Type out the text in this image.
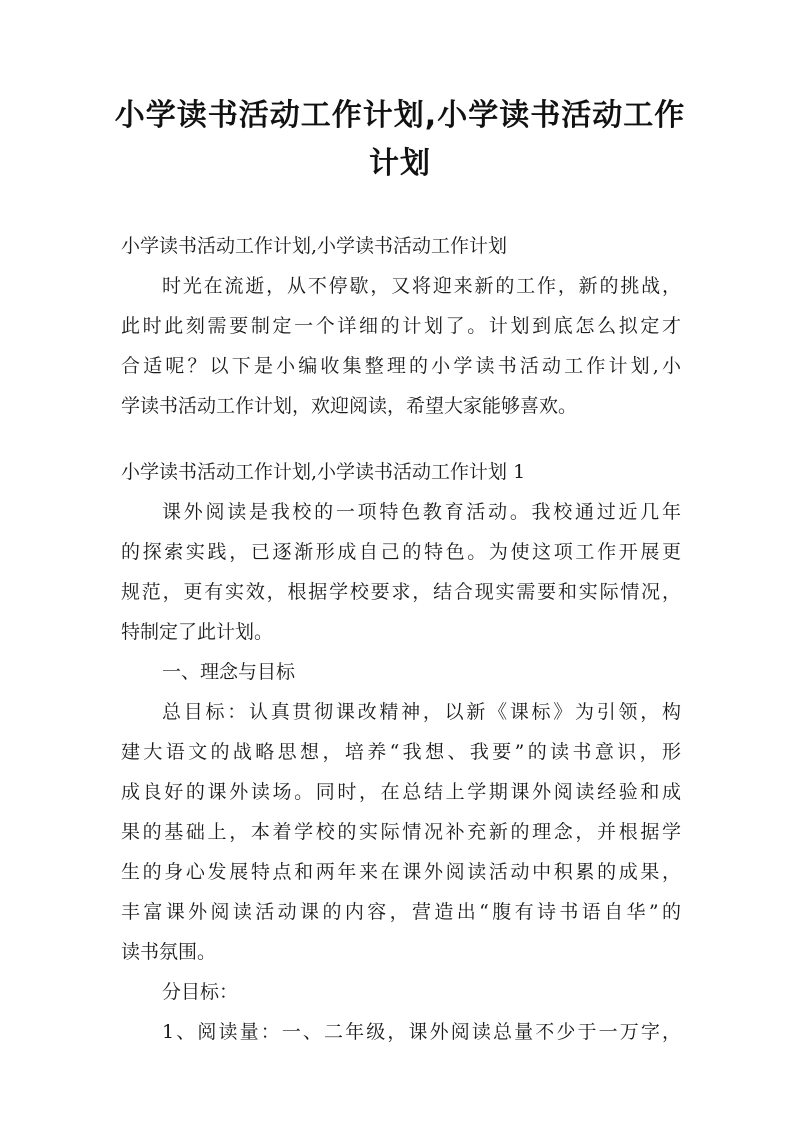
小学读书活动工作计划,小学读书活动工作
计划
小学读书活动工作计划,小学读书活动工作计划
时光在流逝，从不停歇，又将迎来新的工作，新的挑战，
此时此刻需要制定一个详细的计划了。计划到底怎么拟定才
合适呢？以下是小编收集整理的小学读书活动工作计划,小
学读书活动工作计划，欢迎阅读，希望大家能够喜欢。
小学读书活动工作计划,小学读书活动工作计划 1
课外阅读是我校的一项特色教育活动。我校通过近几年
的探索实践，已逐渐形成自己的特色。为使这项工作开展更
规范，更有实效，根据学校要求，结合现实需要和实际情况，
特制定了此计划。
一、理念与目标
总目标：认真贯彻课改精神，以新《课标》为引领，构
建大语文的战略思想，培养“我想、我要”的读书意识，形
成良好的课外读场。同时，在总结上学期课外阅读经验和成
果的基础上，本着学校的实际情况补充新的理念，并根据学
生的身心发展特点和两年来在课外阅读活动中积累的成果，
丰富课外阅读活动课的内容，营造出“腹有诗书语自华”的
读书氛围。
分目标：
1、阅读量：一、二年级，课外阅读总量不少于一万字，
